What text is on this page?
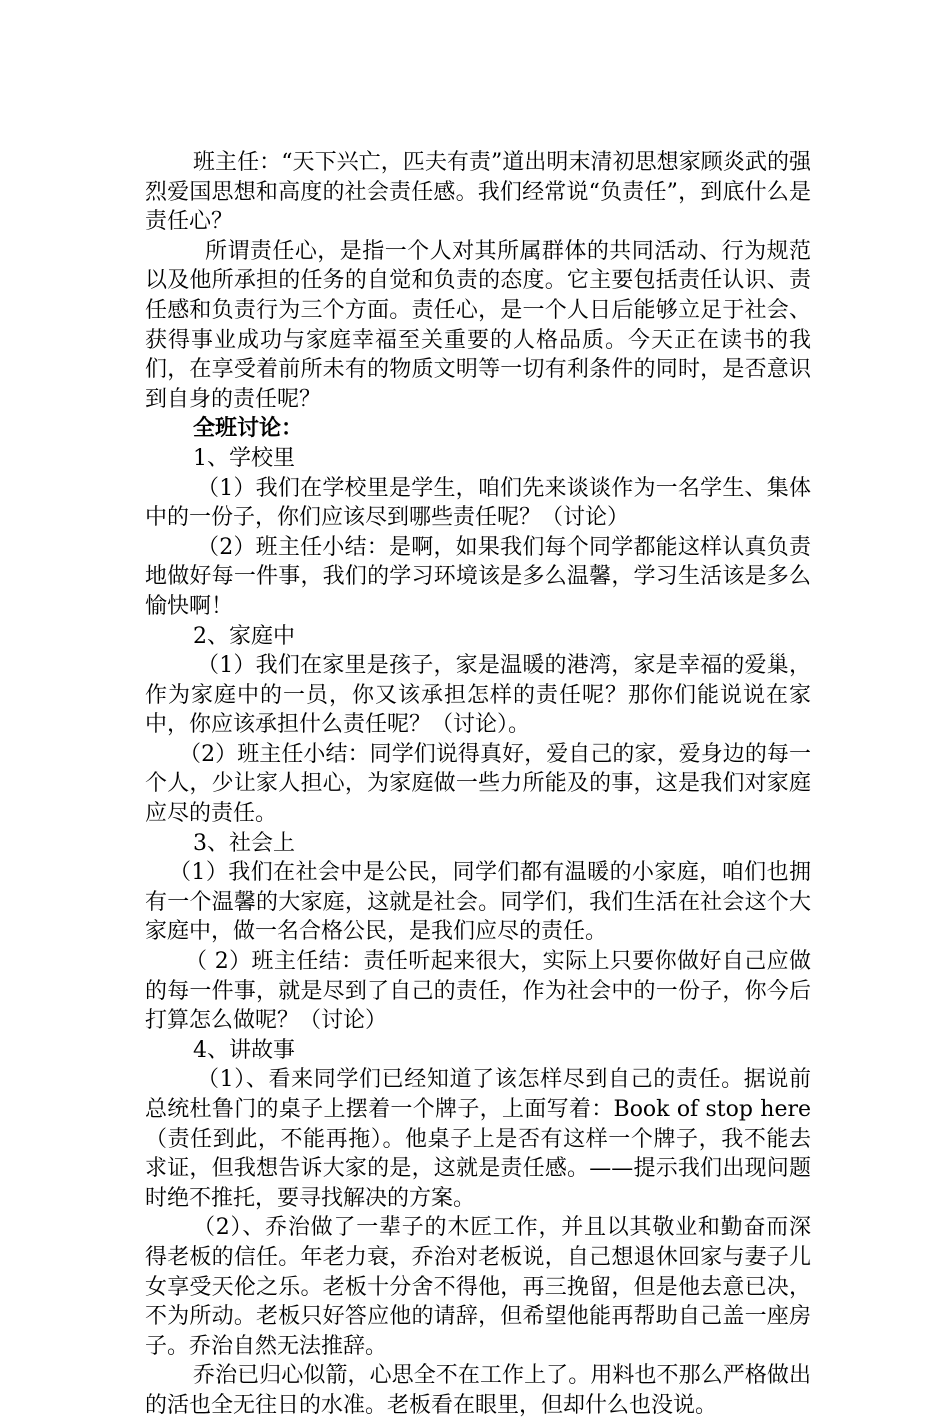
班主任：“天下兴亡，匹夫有责”道出明末清初思想家顾炎武的强烈爱国思想和高度的社会责任感。我们经常说“负责任”，到底什么是责任心？

所谓责任心，是指一个人对其所属群体的共同活动、行为规范以及他所承担的任务的自觉和负责的态度。它主要包括责任认识、责任感和负责行为三个方面。责任心，是一个人日后能够立足于社会、获得事业成功与家庭幸福至关重要的人格品质。今天正在读书的我们，在享受着前所未有的物质文明等一切有利条件的同时，是否意识到自身的责任呢？

全班讨论：

1、学校里

（1）我们在学校里是学生，咱们先来谈谈作为一名学生、集体中的一份子，你们应该尽到哪些责任呢？（讨论）

（2）班主任小结：是啊，如果我们每个同学都能这样认真负责地做好每一件事，我们的学习环境该是多么温馨，学习生活该是多么愉快啊！

2、家庭中

（1）我们在家里是孩子，家是温暖的港湾，家是幸福的爱巢，作为家庭中的一员，你又该承担怎样的责任呢？那你们能说说在家中，你应该承担什么责任呢？（讨论）。

（2）班主任小结：同学们说得真好，爱自己的家，爱身边的每一个人，少让家人担心，为家庭做一些力所能及的事，这是我们对家庭应尽的责任。

3、社会上

（1）我们在社会中是公民，同学们都有温暖的小家庭，咱们也拥有一个温馨的大家庭，这就是社会。同学们，我们生活在社会这个大家庭中，做一名合格公民，是我们应尽的责任。

（ 2）班主任结：责任听起来很大，实际上只要你做好自己应做的每一件事，就是尽到了自己的责任，作为社会中的一份子，你今后打算怎么做呢？（讨论）

4、讲故事

（1）、看来同学们已经知道了该怎样尽到自己的责任。据说前总统杜鲁门的桌子上摆着一个牌子，上面写着：Book of stop here（责任到此，不能再拖）。他桌子上是否有这样一个牌子，我不能去求证，但我想告诉大家的是，这就是责任感。——提示我们出现问题时绝不推托，要寻找解决的方案。

（2）、乔治做了一辈子的木匠工作，并且以其敬业和勤奋而深得老板的信任。年老力衰，乔治对老板说，自己想退休回家与妻子儿女享受天伦之乐。老板十分舍不得他，再三挽留，但是他去意已决，不为所动。老板只好答应他的请辞，但希望他能再帮助自己盖一座房子。乔治自然无法推辞。

乔治已归心似箭，心思全不在工作上了。用料也不那么严格做出的活也全无往日的水准。老板看在眼里，但却什么也没说。
